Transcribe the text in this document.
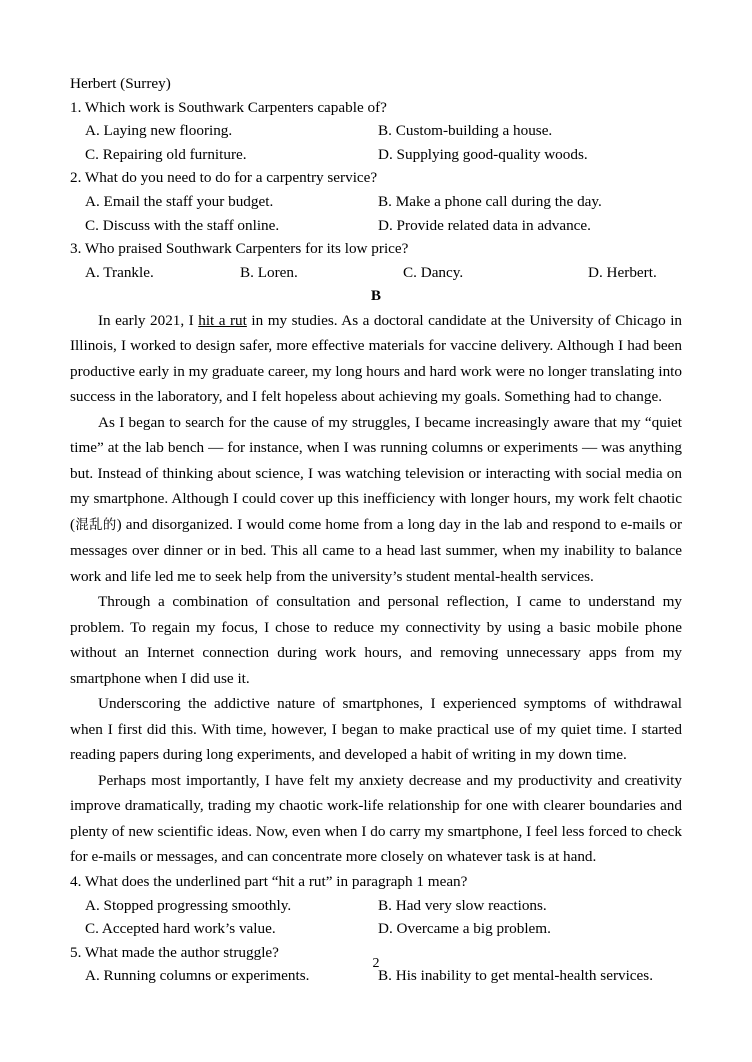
Herbert (Surrey)
1. Which work is Southwark Carpenters capable of?
A. Laying new flooring.	B. Custom-building a house.
C. Repairing old furniture.	D. Supplying good-quality woods.
2. What do you need to do for a carpentry service?
A. Email the staff your budget.	B. Make a phone call during the day.
C. Discuss with the staff online.	D. Provide related data in advance.
3. Who praised Southwark Carpenters for its low price?
A. Trankle.	B. Loren.	C. Dancy.	D. Herbert.
B

In early 2021, I hit a rut in my studies. As a doctoral candidate at the University of Chicago in Illinois, I worked to design safer, more effective materials for vaccine delivery. Although I had been productive early in my graduate career, my long hours and hard work were no longer translating into success in the laboratory, and I felt hopeless about achieving my goals. Something had to change.

As I began to search for the cause of my struggles, I became increasingly aware that my “quiet time” at the lab bench — for instance, when I was running columns or experiments — was anything but. Instead of thinking about science, I was watching television or interacting with social media on my smartphone. Although I could cover up this inefficiency with longer hours, my work felt chaotic (混乱的) and disorganized. I would come home from a long day in the lab and respond to e-mails or messages over dinner or in bed. This all came to a head last summer, when my inability to balance work and life led me to seek help from the university’s student mental-health services.

Through a combination of consultation and personal reflection, I came to understand my problem. To regain my focus, I chose to reduce my connectivity by using a basic mobile phone without an Internet connection during work hours, and removing unnecessary apps from my smartphone when I did use it.

Underscoring the addictive nature of smartphones, I experienced symptoms of withdrawal when I first did this. With time, however, I began to make practical use of my quiet time. I started reading papers during long experiments, and developed a habit of writing in my down time.

Perhaps most importantly, I have felt my anxiety decrease and my productivity and creativity improve dramatically, trading my chaotic work-life relationship for one with clearer boundaries and plenty of new scientific ideas. Now, even when I do carry my smartphone, I feel less forced to check for e-mails or messages, and can concentrate more closely on whatever task is at hand.

4. What does the underlined part “hit a rut” in paragraph 1 mean?
A. Stopped progressing smoothly.	B. Had very slow reactions.
C. Accepted hard work’s value.	D. Overcame a big problem.
5. What made the author struggle?
A. Running columns or experiments.	B. His inability to get mental-health services.
2
